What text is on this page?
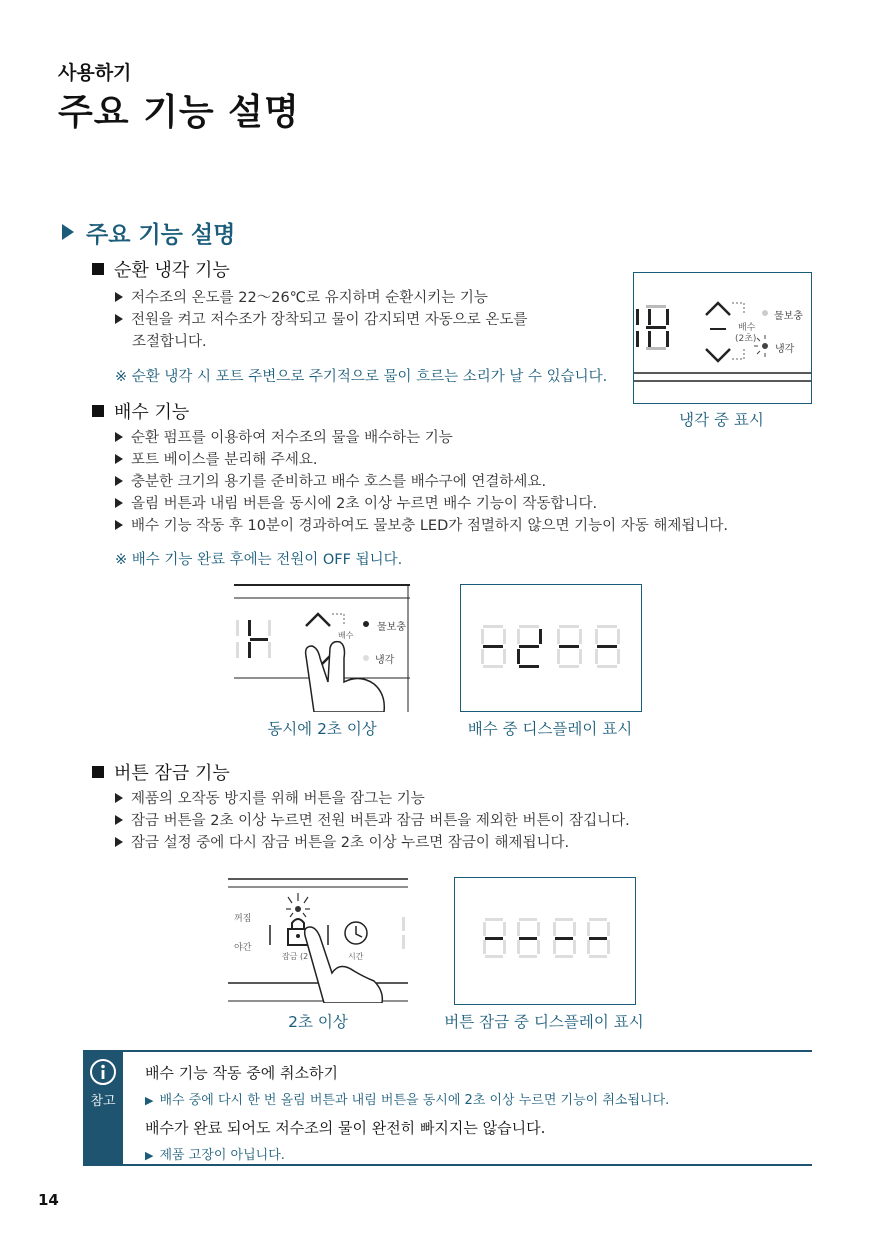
사용하기
주요 기능 설명
주요 기능 설명
순환 냉각 기능
저수조의 온도를 22～26℃로 유지하며 순환시키는 기능
전원을 켜고 저수조가 장착되고 물이 감지되면 자동으로 온도를
조절합니다.
※ 순환 냉각 시 포트 주변으로 주기적으로 물이 흐르는 소리가 날 수 있습니다.
배수
(2초)
물보충
냉각
냉각 중 표시
배수 기능
순환 펌프를 이용하여 저수조의 물을 배수하는 기능
포트 베이스를 분리해 주세요.
충분한 크기의 용기를 준비하고 배수 호스를 배수구에 연결하세요.
올림 버튼과 내림 버튼을 동시에 2초 이상 누르면 배수 기능이 작동합니다.
배수 기능 작동 후 10분이 경과하여도 물보충 LED가 점멸하지 않으면 기능이 자동 해제됩니다.
※ 배수 기능 완료 후에는 전원이 OFF 됩니다.
물보충
냉각
배수
동시에 2초 이상	배수 중 디스플레이 표시
버튼 잠금 기능
제품의 오작동 방지를 위해 버튼을 잠그는 기능
잠금 버튼을 2초 이상 누르면 전원 버튼과 잠금 버튼을 제외한 버튼이 잠깁니다.
잠금 설정 중에 다시 잠금 버튼을 2초 이상 누르면 잠금이 해제됩니다.
꺼짐
야간
잠금 (2	시간
2초 이상	버튼 잠금 중 디스플레이 표시
참고
배수 기능 작동 중에 취소하기
▶ 배수 중에 다시 한 번 올림 버튼과 내림 버튼을 동시에 2초 이상 누르면 기능이 취소됩니다.
배수가 완료 되어도 저수조의 물이 완전히 빠지지는 않습니다.
▶ 제품 고장이 아닙니다.
14
